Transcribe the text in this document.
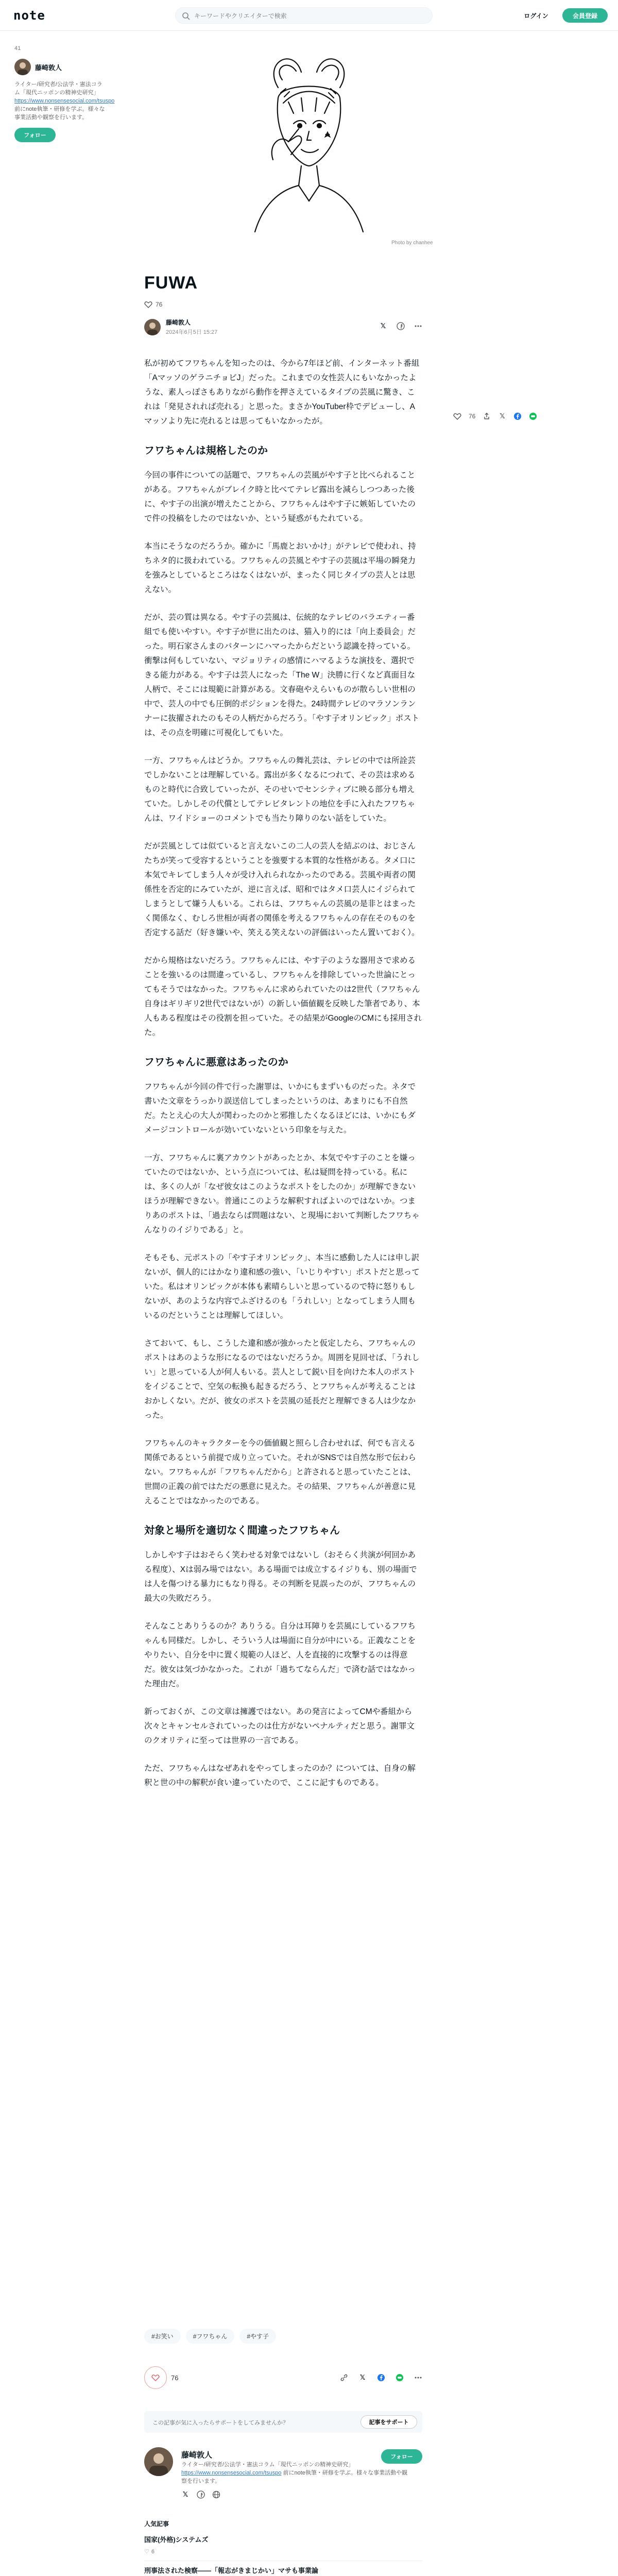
note
キーワードやクリエイターで検索	ログイン	会員登録
41
藤崎敦人
ライター/研究者/公法学・憲法コラム「現代ニッポンの精神史研究」 https://www.nonsensesocial.com/tsuspo 前にnote執筆・研修を学ぶ。様々な事業活動や観察を行います。
フォロー
Photo by chanhee
76	𝕏
FUWA
76
藤崎敦人
2024年6月5日 15:27
𝕏

私が初めてフワちゃんを知ったのは、今から7年ほど前、インターネット番組「AマッソのゲラニチョビJ」だった。これまでの女性芸人にもいなかったような、素人っぽさもありながら動作を押さえているタイプの芸風に驚き、これは「発見されれば売れる」と思った。まさかYouTuber枠でデビューし、Aマッソより先に売れるとは思ってもいなかったが。

フワちゃんは規格したのか

今回の事件についての話題で、フワちゃんの芸風がやす子と比べられることがある。フワちゃんがブレイク時と比べてテレビ露出を減らしつつあった後に、やす子の出演が増えたことから、フワちゃんはやす子に嫉妬していたので件の投稿をしたのではないか、という疑惑がもたれている。

本当にそうなのだろうか。確かに「馬鹿とおいかけ」がテレビで使われ、持ちネタ的に扱われている。フワちゃんの芸風とやす子の芸風は平場の瞬発力を強みとしているところはなくはないが、まったく同じタイプの芸人とは思えない。

だが、芸の質は異なる。やす子の芸風は、伝統的なテレビのバラエティー番組でも使いやすい。やす子が世に出たのは、猫入り的には「向上委員会」だった。明石家さんまのパターンにハマったからだという認識を持っている。衝撃は何もしていない、マジョリティの感情にハマるような演技を、選択できる能力がある。やす子は芸人になった「The W」決勝に行くなど真面目な人柄で、そこには規範に計算がある。文春砲やえらいものが散らしい世相の中で、芸人の中でも圧倒的ポジションを得た。24時間テレビのマラソンランナーに抜擢されたのもその人柄だからだろう。「やす子オリンピック」ポストは、その点を明確に可視化してもいた。

一方、フワちゃんはどうか。フワちゃんの舞礼芸は、テレビの中では所詮芸でしかないことは理解している。露出が多くなるにつれて、その芸は求めるものと時代に合致していったが、そのせいでセンシティブに映る部分も増えていた。しかしその代償としてテレビタレントの地位を手に入れたフワちゃんは、ワイドショーのコメントでも当たり障りのない話をしていた。

だが芸風としては似ていると言えないこの二人の芸人を結ぶのは、おじさんたちが笑って受容するということを強要する本質的な性格がある。タメ口に本気でキレてしまう人々が受け入れられなかったのである。芸風や両者の関係性を否定的にみていたが、逆に言えば、昭和ではタメ口芸人にイジられてしまうとして嫌う人もいる。これらは、フワちゃんの芸風の是非とはまったく関係なく、むしろ世相が両者の関係を考えるフワちゃんの存在そのものを否定する話だ（好き嫌いや、笑える笑えないの評価はいったん置いておく）。

だから規格はないだろう。フワちゃんには、やす子のような器用さで求めることを強いるのは間違っているし、フワちゃんを排除していった世論にとってもそうではなかった。フワちゃんに求められていたのは2世代（フワちゃん自身はギリギリ2世代ではないが）の新しい価値観を反映した筆者であり、本人もある程度はその役割を担っていた。その結果がGoogleのCMにも採用された。

フワちゃんに悪意はあったのか

フワちゃんが今回の件で行った謝罪は、いかにもまずいものだった。ネタで書いた文章をうっかり誤送信してしまったというのは、あまりにも不自然だ。たとえ心の大人が関わったのかと邪推したくなるほどには、いかにもダメージコントロールが効いていないという印象を与えた。

一方、フワちゃんに裏アカウントがあったとか、本気でやす子のことを嫌っていたのではないか、という点については、私は疑問を持っている。私には、多くの人が「なぜ彼女はこのようなポストをしたのか」が理解できないほうが理解できない。普通にこのような解釈すればよいのではないか。つまりあのポストは、「過去ならば問題はない、と現場において判断したフワちゃんなりのイジりである」と。

そもそも、元ポストの「やす子オリンピック」、本当に感動した人には申し訳ないが、個人的にはかなり違和感の強い、「いじりやすい」ポストだと思っていた。私はオリンピックが本体も素晴らしいと思っているので特に怒りもしないが、あのような内容でふざけるのも「うれしい」となってしまう人間もいるのだということは理解してほしい。

さておいて、もし、こうした違和感が強かったと仮定したら、フワちゃんのポストはあのような形になるのではないだろうか。周囲を見回せば、「うれしい」と思っている人が何人もいる。芸人として鋭い目を向けた本人のポストをイジることで、空気の転換も起きるだろう、とフワちゃんが考えることはおかしくない。だが、彼女のポストを芸風の延長だと理解できる人は少なかった。

フワちゃんのキャラクターを今の価値観と照らし合わせれば、何でも言える関係であるという前提で成り立っていた。それがSNSでは自然な形で伝わらない。フワちゃんが「フワちゃんだから」と許されると思っていたことは、世間の正義の前ではただの悪意に見えた。その結果、フワちゃんが善意に見えることではなかったのである。

対象と場所を適切なく間違ったフワちゃん

しかしやす子はおそらく笑わせる対象ではないし（おそらく共演が何回かある程度）、Xは弱み場ではない。ある場面では成立するイジりも、別の場面では人を傷つける暴力にもなり得る。その判断を見誤ったのが、フワちゃんの最大の失敗だろう。

そんなことありうるのか？ありうる。自分は耳障りを芸風にしているフワちゃんも同様だ。しかし、そういう人は場面に自分が中にいる。正義なことをやりたい、自分を中に置く規範の人ほど、人を直接的に攻撃するのは得意だ。彼女は気づかなかった。これが「過ちてならんだ」で済む話ではなかった理由だ。

新っておくが、この文章は擁護ではない。あの発言によってCMや番組から次々とキャンセルされていったのは仕方がないペナルティだと思う。謝罪文のクオリティに至っては世界の一言である。

ただ、フワちゃんはなぜあれをやってしまったのか？については、自身の解釈と世の中の解釈が食い違っていたので、ここに記すものである。

#お笑い	#フワちゃん	#やす子
76	𝕏
この記事が気に入ったらサポートをしてみませんか？	記事をサポート
藤崎敦人
ライター/研究者/公法学・憲法コラム「現代ニッポンの精神史研究」 https://www.nonsensesocial.com/tsuspo 前にnote執筆・研修を学ぶ。様々な事業活動や観察を行います。
フォロー
𝕏
人気記事
国家(外格)システムズ
♡ 6
刑事法された検察——「報志がきまじかい」マサも事業論
